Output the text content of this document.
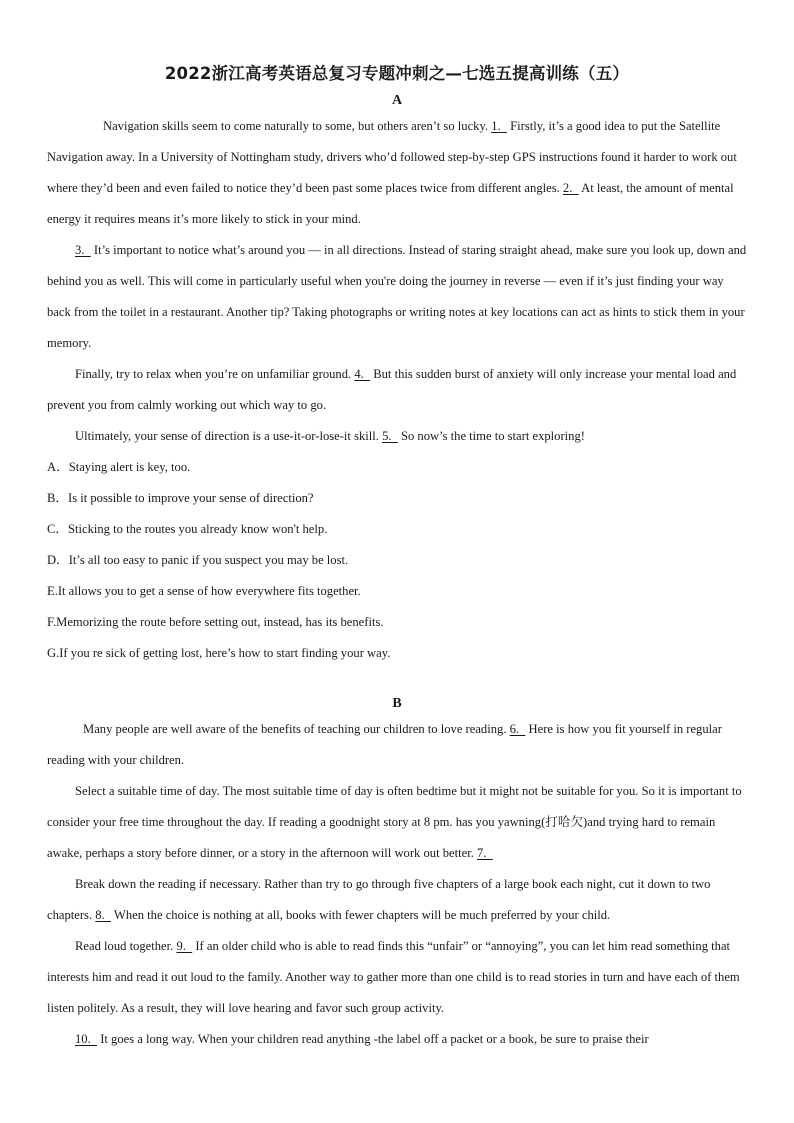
2022浙江高考英语总复习专题冲刺之—七选五提高训练（五）
A

Navigation skills seem to come naturally to some, but others aren’t so lucky. 1.   Firstly, it’s a good idea to put the Satellite Navigation away. In a University of Nottingham study, drivers who’d followed step-by-step GPS instructions found it harder to work out where they’d been and even failed to notice they’d been past some places twice from different angles. 2.   At least, the amount of mental energy it requires means it’s more likely to stick in your mind.

3.   It’s important to notice what’s around you — in all directions. Instead of staring straight ahead, make sure you look up, down and behind you as well. This will come in particularly useful when you're doing the journey in reverse — even if it’s just finding your way back from the toilet in a restaurant. Another tip? Taking photographs or writing notes at key locations can act as hints to stick them in your memory.

Finally, try to relax when you’re on unfamiliar ground. 4.   But this sudden burst of anxiety will only increase your mental load and prevent you from calmly working out which way to go.

Ultimately, your sense of direction is a use-it-or-lose-it skill. 5.   So now’s the time to start exploring!

A．Staying alert is key, too.

B．Is it possible to improve your sense of direction?

C．Sticking to the routes you already know won't help.

D．It’s all too easy to panic if you suspect you may be lost.

E.It allows you to get a sense of how everywhere fits together.

F.Memorizing the route before setting out, instead, has its benefits.

G.If you re sick of getting lost, here’s how to start finding your way.

B

Many people are well aware of the benefits of teaching our children to love reading. 6.   Here is how you fit yourself in regular reading with your children.

Select a suitable time of day. The most suitable time of day is often bedtime but it might not be suitable for you. So it is important to consider your free time throughout the day. If reading a goodnight story at 8 pm. has you yawning(打哈欠)and trying hard to remain awake, perhaps a story before dinner, or a story in the afternoon will work out better. 7.

Break down the reading if necessary. Rather than try to go through five chapters of a large book each night, cut it down to two chapters. 8.   When the choice is nothing at all, books with fewer chapters will be much preferred by your child.

Read loud together. 9.   If an older child who is able to read finds this “unfair” or “annoying”, you can let him read something that interests him and read it out loud to the family. Another way to gather more than one child is to read stories in turn and have each of them listen politely. As a result, they will love hearing and favor such group activity.

10.   It goes a long way. When your children read anything -the label off a packet or a book, be sure to praise their
